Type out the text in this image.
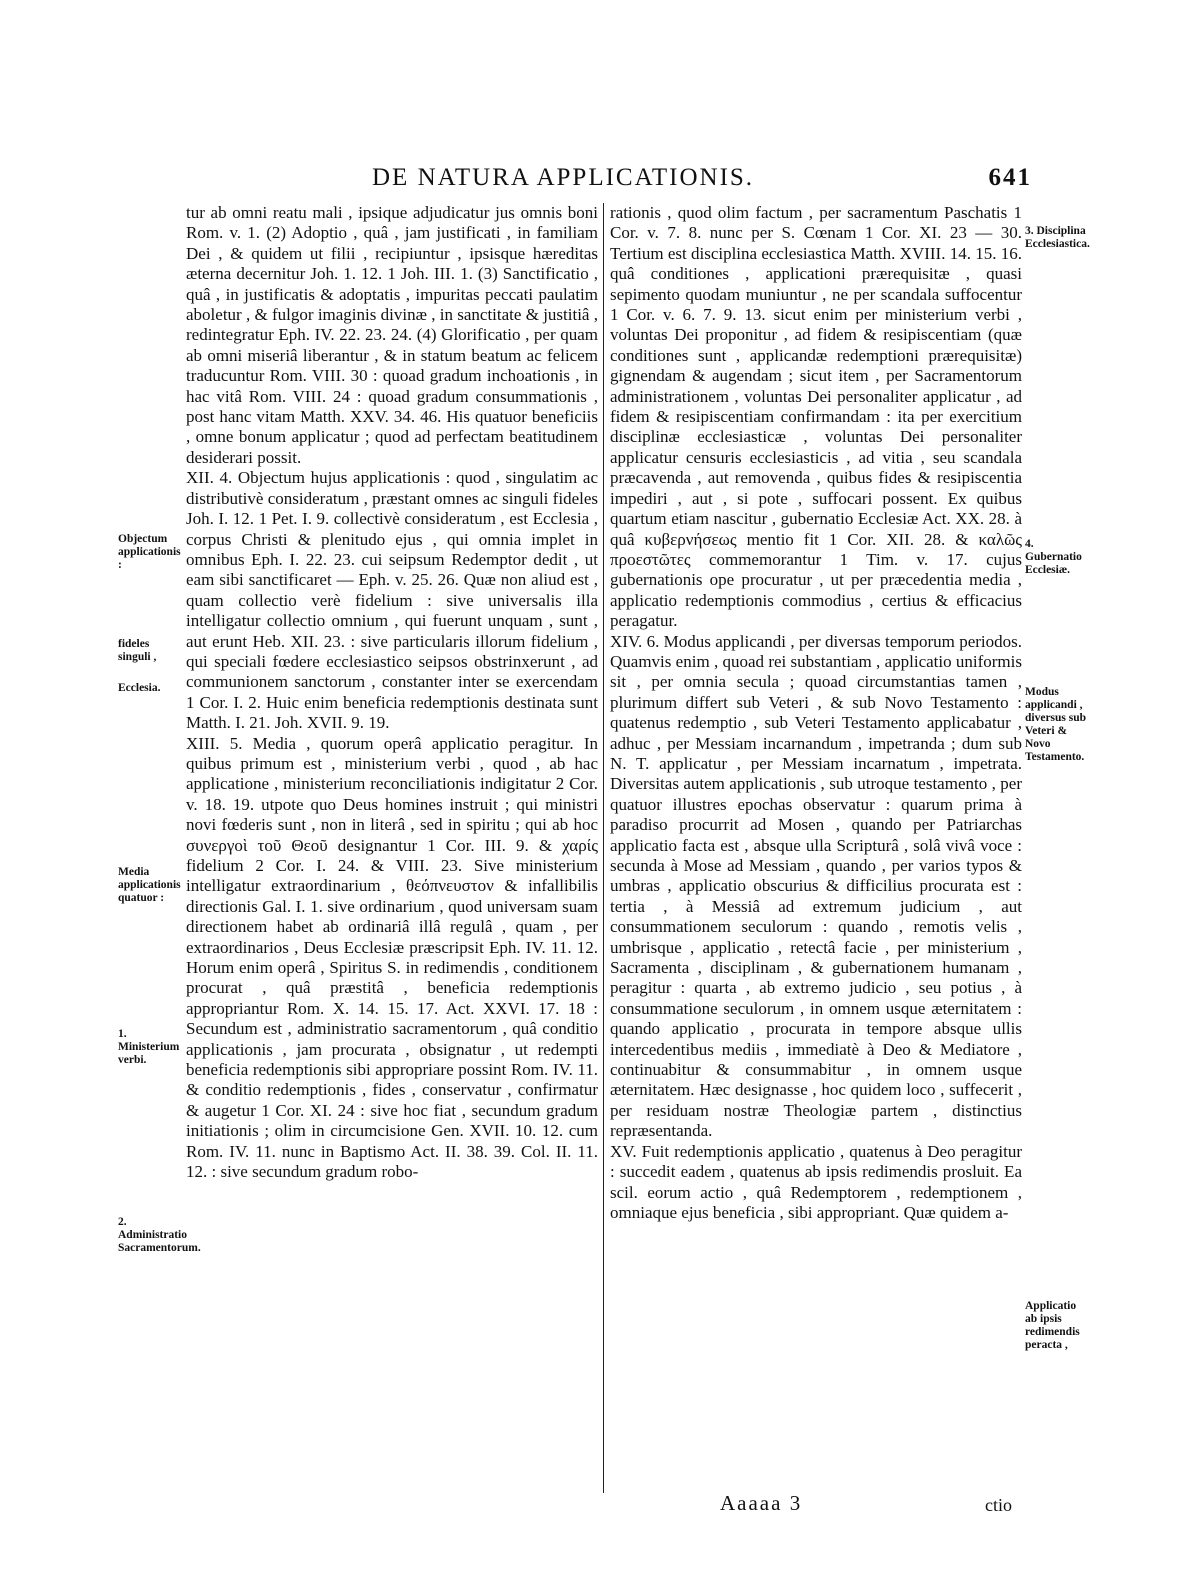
DE NATURA APPLICATIONIS.	641

tur ab omni reatu mali , ipsique adjudicatur jus omnis boni Rom. v. 1. (2) Adoptio , quâ , jam justificati , in familiam Dei , & quidem ut filii , recipiuntur , ipsisque hæreditas æterna decernitur Joh. 1. 12. 1 Joh. III. 1. (3) Sanctificatio , quâ , in justificatis & adoptatis , impuritas peccati paulatim aboletur , & fulgor imaginis divinæ , in sanctitate & justitiâ , redintegratur Eph. IV. 22. 23. 24. (4) Glorificatio , per quam ab omni miseriâ liberantur , & in statum beatum ac felicem traducuntur Rom. VIII. 30 : quoad gradum inchoationis , in hac vitâ Rom. VIII. 24 : quoad gradum consummationis , post hanc vitam Matth. XXV. 34. 46. His quatuor beneficiis , omne bonum applicatur ; quod ad perfectam beatitudinem desiderari possit.

XII. 4. Objectum hujus applicationis : quod , singulatim ac distributivè consideratum , præstant omnes ac singuli fideles Joh. I. 12. 1 Pet. I. 9. collectivè consideratum , est Ecclesia , corpus Christi & plenitudo ejus , qui omnia implet in omnibus Eph. I. 22. 23. cui seipsum Redemptor dedit , ut eam sibi sanctificaret — Eph. v. 25. 26. Quæ non aliud est , quam collectio verè fidelium : sive universalis illa intelligatur collectio omnium , qui fuerunt unquam , sunt , aut erunt Heb. XII. 23. : sive particularis illorum fidelium , qui speciali fœdere ecclesiastico seipsos obstrinxerunt , ad communionem sanctorum , constanter inter se exercendam 1 Cor. I. 2. Huic enim beneficia redemptionis destinata sunt Matth. I. 21. Joh. XVII. 9. 19.

XIII. 5. Media , quorum operâ applicatio peragitur. In quibus primum est , ministerium verbi , quod , ab hac applicatione , ministerium reconciliationis indigitatur 2 Cor. v. 18. 19. utpote quo Deus homines instruit ; qui ministri novi fœderis sunt , non in literâ , sed in spiritu ; qui ab hoc συνεργοὶ τοῦ Θεοῦ designantur 1 Cor. III. 9. & χαρίς fidelium 2 Cor. I. 24. & VIII. 23. Sive ministerium intelligatur extraordinarium , θεόπνευστον & infallibilis directionis Gal. I. 1. sive ordinarium , quod universam suam directionem habet ab ordinariâ illâ regulâ , quam , per extraordinarios , Deus Ecclesiæ præscripsit Eph. IV. 11. 12. Horum enim operâ , Spiritus S. in redimendis , conditionem procurat , quâ præstitâ , beneficia redemptionis appropriantur Rom. X. 14. 15. 17. Act. XXVI. 17. 18 : Secundum est , administratio sacramentorum , quâ conditio applicationis , jam procurata , obsignatur , ut redempti beneficia redemptionis sibi appropriare possint Rom. IV. 11. & conditio redemptionis , fides , conservatur , confirmatur & augetur 1 Cor. XI. 24 : sive hoc fiat , secundum gradum initiationis ; olim in circumcisione Gen. XVII. 10. 12. cum Rom. IV. 11. nunc in Baptismo Act. II. 38. 39. Col. II. 11. 12. : sive secundum gradum robo-

rationis , quod olim factum , per sacramentum Paschatis 1 Cor. v. 7. 8. nunc per S. Cœnam 1 Cor. XI. 23 — 30. Tertium est disciplina ecclesiastica Matth. XVIII. 14. 15. 16. quâ conditiones , applicationi prærequisitæ , quasi sepimento quodam muniuntur , ne per scandala suffocentur 1 Cor. v. 6. 7. 9. 13. sicut enim per ministerium verbi , voluntas Dei proponitur , ad fidem & resipiscentiam (quæ conditiones sunt , applicandæ redemptioni prærequisitæ) gignendam & augendam ; sicut item , per Sacramentorum administrationem , voluntas Dei personaliter applicatur , ad fidem & resipiscentiam confirmandam : ita per exercitium disciplinæ ecclesiasticæ , voluntas Dei personaliter applicatur censuris ecclesiasticis , ad vitia , seu scandala præcavenda , aut removenda , quibus fides & resipiscentia impediri , aut , si pote , suffocari possent. Ex quibus quartum etiam nascitur , gubernatio Ecclesiæ Act. XX. 28. à quâ κυβερνήσεως mentio fit 1 Cor. XII. 28. & καλῶς προεστῶτες commemorantur 1 Tim. v. 17. cujus gubernationis ope procuratur , ut per præcedentia media , applicatio redemptionis commodius , certius & efficacius peragatur.

XIV. 6. Modus applicandi , per diversas temporum periodos. Quamvis enim , quoad rei substantiam , applicatio uniformis sit , per omnia secula ; quoad circumstantias tamen , plurimum differt sub Veteri , & sub Novo Testamento : quatenus redemptio , sub Veteri Testamento applicabatur , adhuc , per Messiam incarnandum , impetranda ; dum sub N. T. applicatur , per Messiam incarnatum , impetrata. Diversitas autem applicationis , sub utroque testamento , per quatuor illustres epochas observatur : quarum prima à paradiso procurrit ad Mosen , quando per Patriarchas applicatio facta est , absque ulla Scripturâ , solâ vivâ voce : secunda à Mose ad Messiam , quando , per varios typos & umbras , applicatio obscurius & difficilius procurata est : tertia , à Messiâ ad extremum judicium , aut consummationem seculorum : quando , remotis velis , umbrisque , applicatio , retectâ facie , per ministerium , Sacramenta , disciplinam , & gubernationem humanam , peragitur : quarta , ab extremo judicio , seu potius , à consummatione seculorum , in omnem usque æternitatem : quando applicatio , procurata in tempore absque ullis intercedentibus mediis , immediatè à Deo & Mediatore , continuabitur & consummabitur , in omnem usque æternitatem. Hæc designasse , hoc quidem loco , suffecerit , per residuam nostræ Theologiæ partem , distinctius repræsentanda.

XV. Fuit redemptionis applicatio , quatenus à Deo peragitur : succedit eadem , quatenus ab ipsis redimendis prosluit. Ea scil. eorum actio , quâ Redemptorem , redemptionem , omniaque ejus beneficia , sibi appropriant. Quæ quidem a-

Objectum applicationis :
fideles singuli ,
Ecclesia.
Media applicationis quatuor :
1. Ministerium verbi.
2. Administratio Sacramentorum.
3. Disciplina Ecclesiastica.
4. Gubernatio Ecclesiæ.
Modus applicandi , diversus sub Veteri & Novo Testamento.
Applicatio ab ipsis redimendis peracta ,
Aaaaa 3	ctio
